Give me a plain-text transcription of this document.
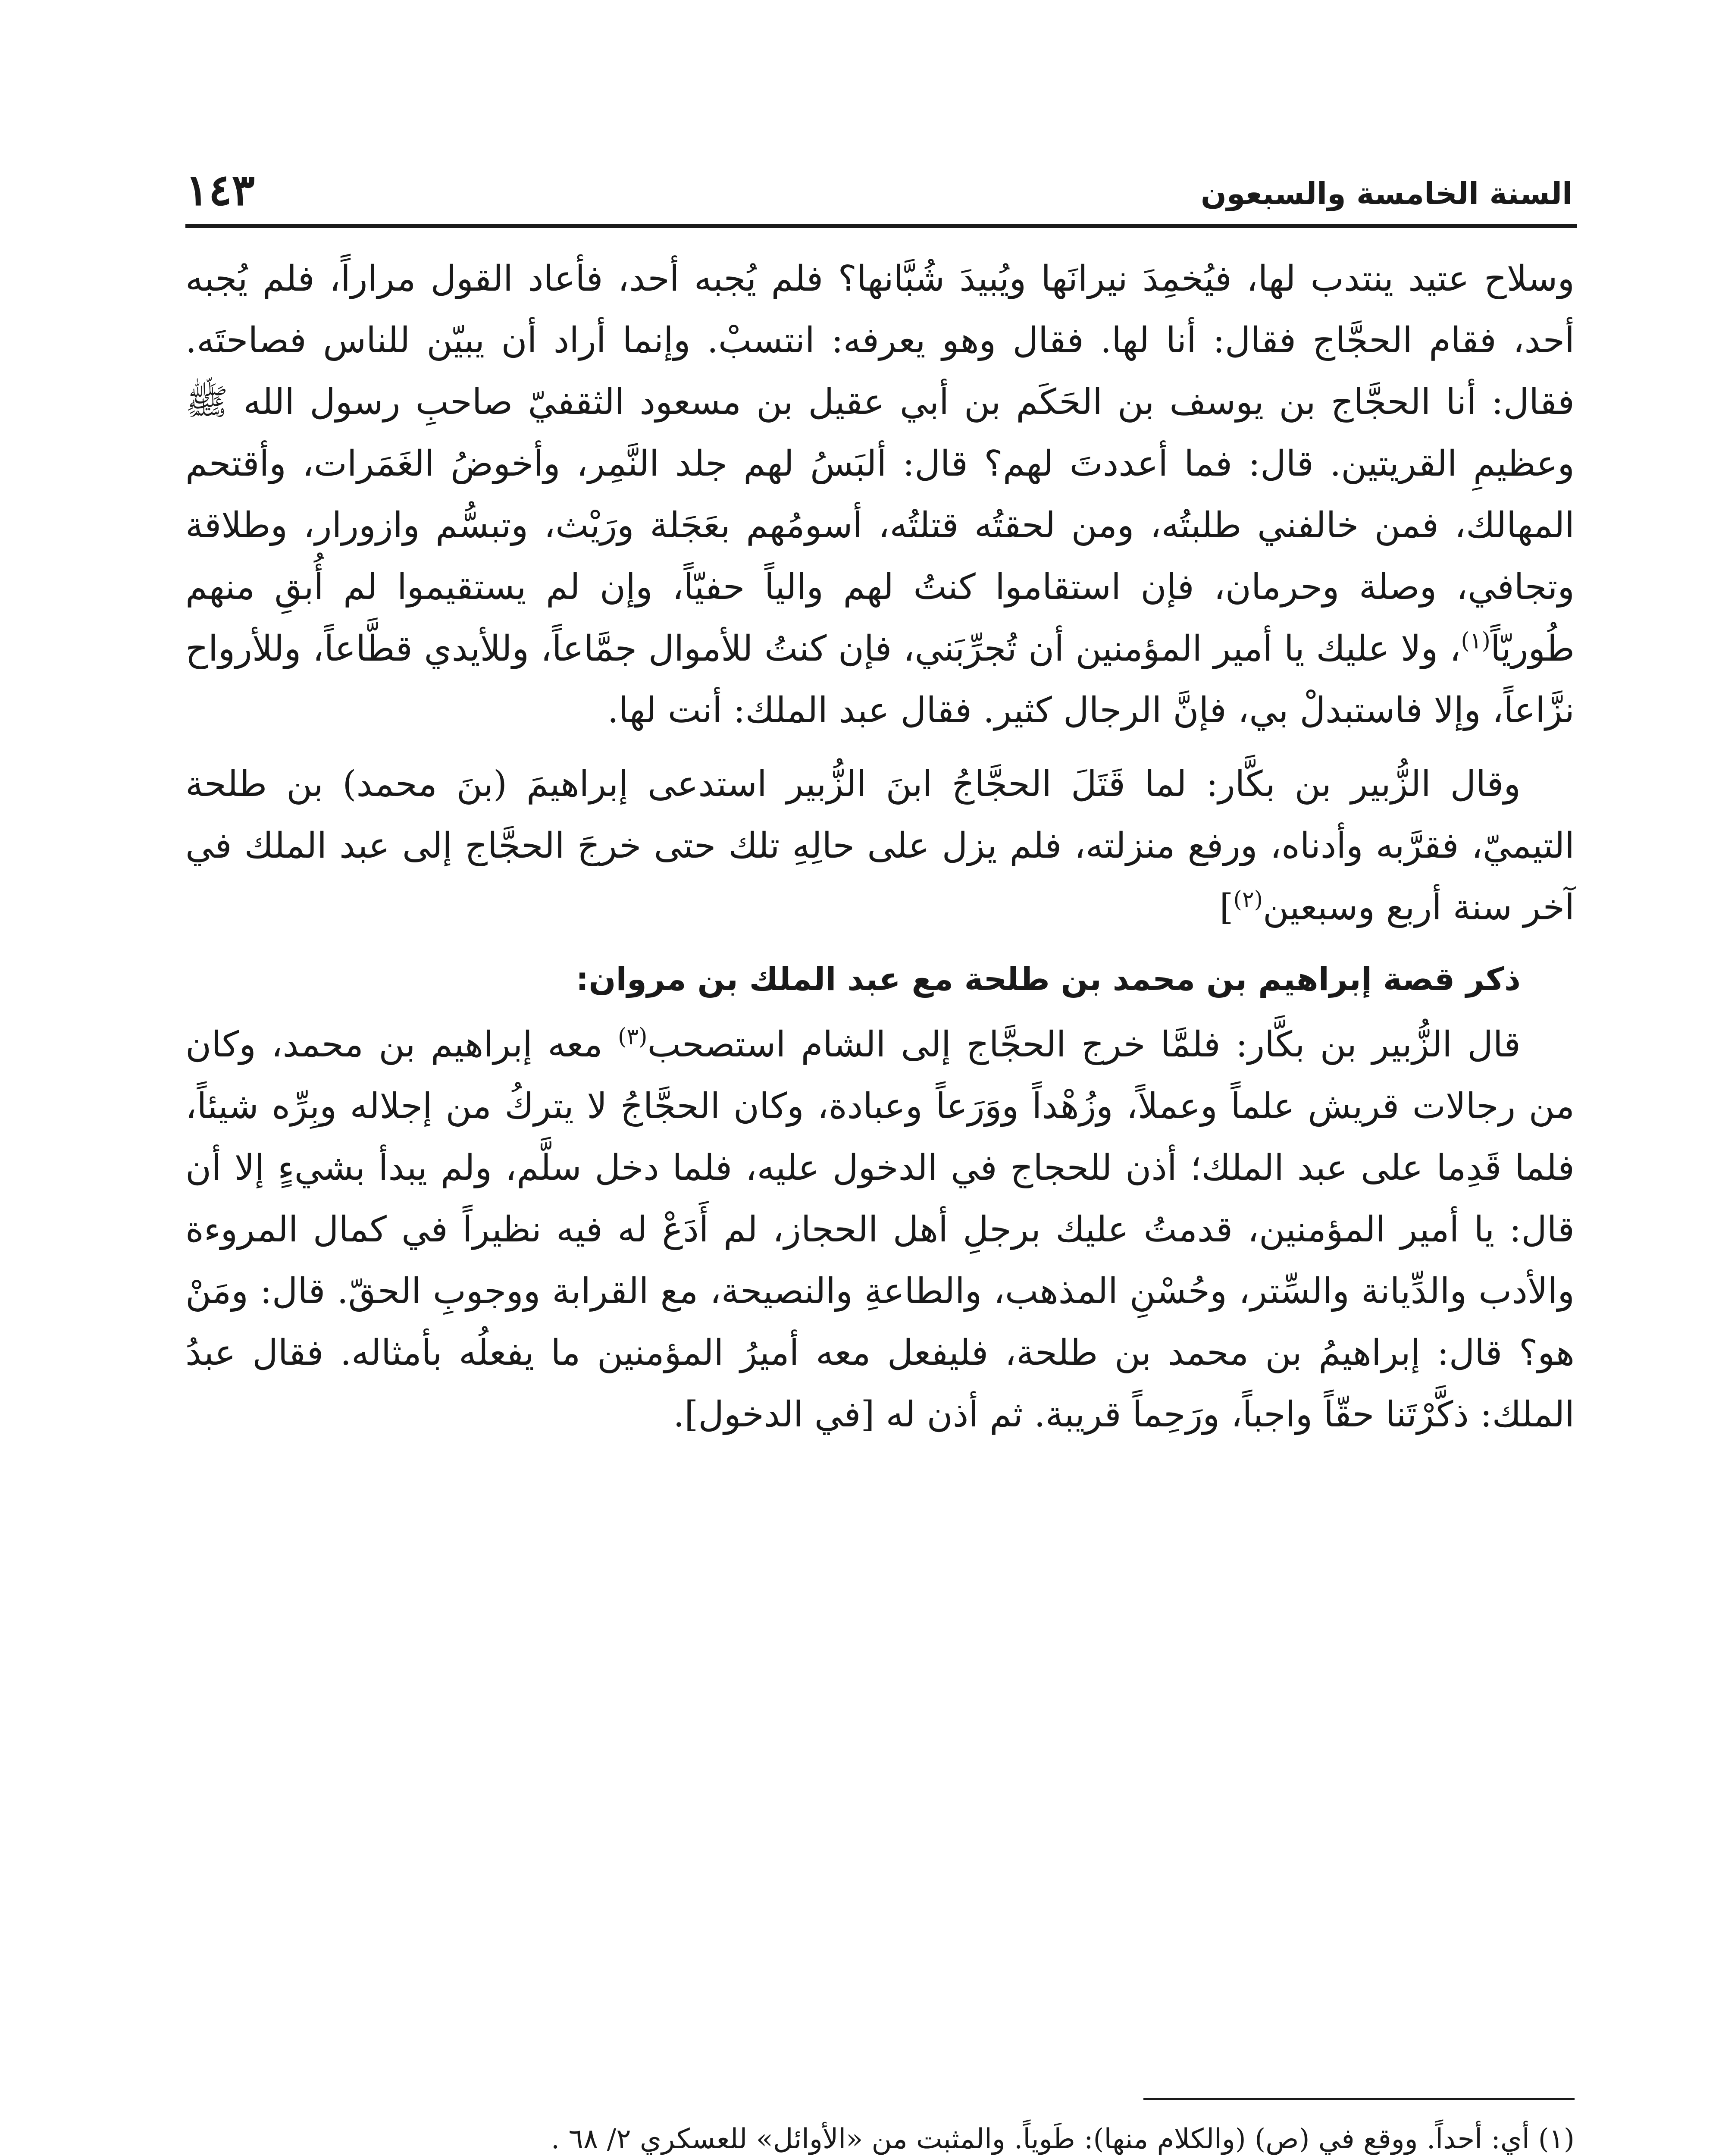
السنة الخامسة والسبعون
١٤٣

وسلاح عتيد ينتدب لها، فيُخمِدَ نيرانَها ويُبيدَ شُبَّانها؟ فلم يُجبه أحد، فأعاد القول مراراً، فلم يُجبه أحد، فقام الحجَّاج فقال: أنا لها. فقال وهو يعرفه: انتسبْ. وإنما أراد أن يبيّن للناس فصاحتَه. فقال: أنا الحجَّاج بن يوسف بن الحَكَم بن أبي عقيل بن مسعود الثقفيّ صاحبِ رسول الله ﷺ وعظيمِ القريتين. قال: فما أعددتَ لهم؟ قال: ألبَسُ لهم جلد النَّمِر، وأخوضُ الغَمَرات، وأقتحم المهالك، فمن خالفني طلبتُه، ومن لحقتُه قتلتُه، أسومُهم بعَجَلة ورَيْث، وتبسُّم وازورار، وطلاقة وتجافي، وصلة وحرمان، فإن استقاموا كنتُ لهم والياً حفيّاً، وإن لم يستقيموا لم أُبقِ منهم طُوريّاً$^{(١)}$، ولا عليك يا أمير المؤمنين أن تُجرِّبَني، فإن كنتُ للأموال جمَّاعاً، وللأيدي قطَّاعاً، وللأرواح نزَّاعاً، وإلا فاستبدلْ بي، فإنَّ الرجال كثير. فقال عبد الملك: أنت لها.

وقال الزُّبير بن بكَّار: لما قَتَلَ الحجَّاجُ ابنَ الزُّبير استدعى إبراهيمَ (بنَ محمد) بن طلحة التيميّ، فقرَّبه وأدناه، ورفع منزلته، فلم يزل على حالِهِ تلك حتى خرجَ الحجَّاج إلى عبد الملك في آخر سنة أربع وسبعين$^{(٢)}$]

ذكر قصة إبراهيم بن محمد بن طلحة مع عبد الملك بن مروان:

قال الزُّبير بن بكَّار: فلمَّا خرج الحجَّاج إلى الشام استصحب$^{(٣)}$ معه إبراهيم بن محمد، وكان من رجالات قريش علماً وعملاً، وزُهْداً ووَرَعاً وعبادة، وكان الحجَّاجُ لا يتركُ من إجلاله وبِرِّه شيئاً، فلما قَدِما على عبد الملك؛ أذن للحجاج في الدخول عليه، فلما دخل سلَّم، ولم يبدأ بشيءٍ إلا أن قال: يا أمير المؤمنين، قدمتُ عليك برجلِ أهل الحجاز، لم أَدَعْ له فيه نظيراً في كمال المروءة والأدب والدِّيانة والسِّتر، وحُسْنِ المذهب، والطاعةِ والنصيحة، مع القرابة ووجوبِ الحقّ. قال: ومَنْ هو؟ قال: إبراهيمُ بن محمد بن طلحة، فليفعل معه أميرُ المؤمنين ما يفعلُه بأمثاله. فقال عبدُ الملك: ذكَّرْتَنا حقّاً واجباً، ورَحِماً قريبة. ثم أذن له [في الدخول].

(١)أي: أحداً. ووقع في (ص) (والكلام منها): طَوياً. والمثبت من «الأوائل» للعسكري ٢/ ٦٨ .
